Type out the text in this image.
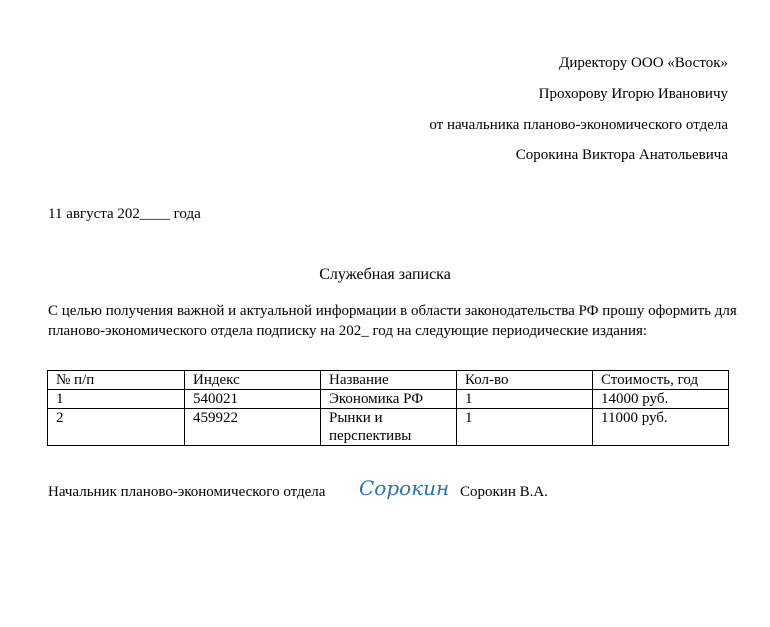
Директору ООО «Восток»
Прохорову Игорю Ивановичу
от начальника планово-экономического отдела
Сорокина Виктора Анатольевича
11 августа 202____ года
Служебная записка

С целью получения важной и актуальной информации в области законодательства РФ прошу оформить для планово-экономического отдела подписку на 202_ год на следующие периодические издания:

№ п/п	Индекс	Название	Кол-во	Стоимость, год
1	540021	Экономика РФ	1	14000 руб.
2	459922	Рынки и перспективы	1	11000 руб.
Начальник планово-экономического отдела Сорокин Сорокин В.А.
